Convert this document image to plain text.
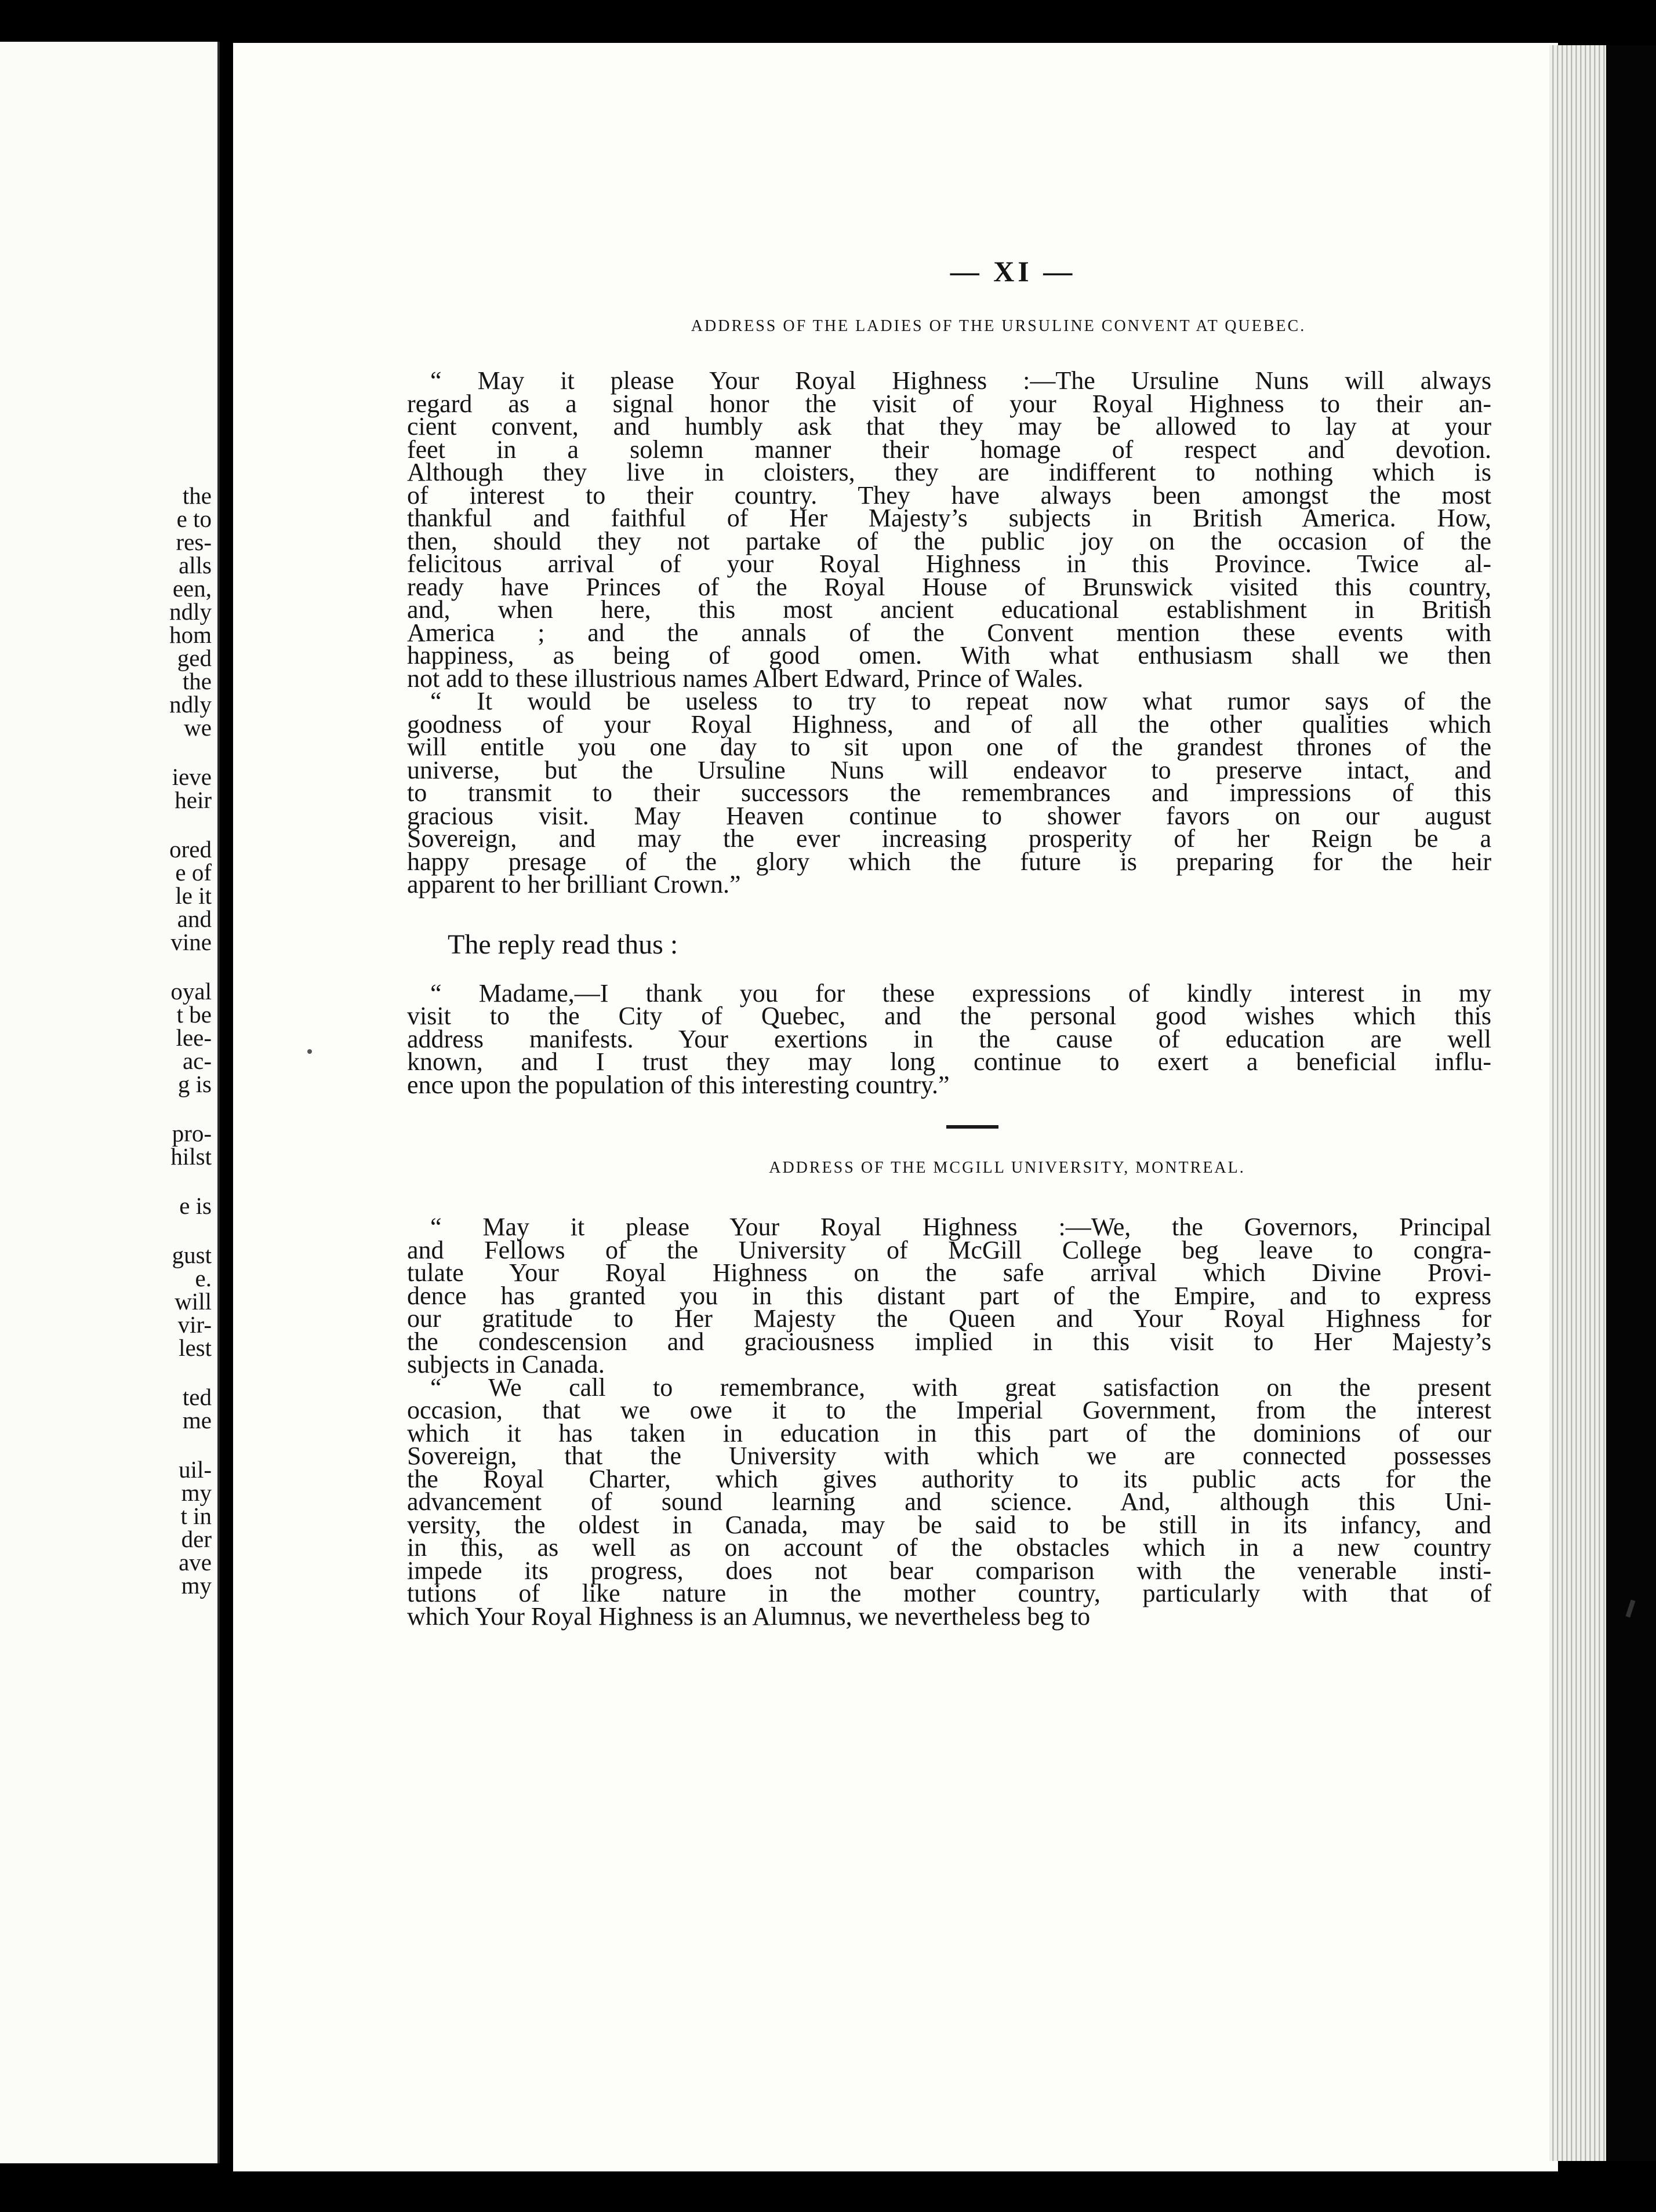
the
e to
res-
alls
een,
ndly
hom
ged
the
ndly
we
ieve
heir
ored
e of
le it
and
vine
oyal
t be
lee-
ac-
g is
pro-
hilst
e is
gust
e.
will
vir-
lest
ted
me
uil-
my
t in
der
ave
my
— XI —
ADDRESS OF THE LADIES OF THE URSULINE CONVENT AT QUEBEC.

“ May it please Your Royal Highness :—The Ursuline Nuns will always

regard as a signal honor the visit of your Royal Highness to their an-

cient convent, and humbly ask that they may be allowed to lay at your

feet in a solemn manner their homage of respect and devotion.

Although they live in cloisters, they are indifferent to nothing which is

of interest to their country. They have always been amongst the most

thankful and faithful of Her Majesty’s subjects in British America. How,

then, should they not partake of the public joy on the occasion of the

felicitous arrival of your Royal Highness in this Province. Twice al-

ready have Princes of the Royal House of Brunswick visited this country,

and, when here, this most ancient educational establishment in British

America ; and the annals of the Convent mention these events with

happiness, as being of good omen. With what enthusiasm shall we then

not add to these illustrious names Albert Edward, Prince of Wales.

“ It would be useless to try to repeat now what rumor says of the

goodness of your Royal Highness, and of all the other qualities which

will entitle you one day to sit upon one of the grandest thrones of the

universe, but the Ursuline Nuns will endeavor to preserve intact, and

to transmit to their successors the remembrances and impressions of this

gracious visit. May Heaven continue to shower favors on our august

Sovereign, and may the ever increasing prosperity of her Reign be a

happy presage of the glory which the future is preparing for the heir

apparent to her brilliant Crown.”

The reply read thus :

“ Madame,—I thank you for these expressions of kindly interest in my

visit to the City of Quebec, and the personal good wishes which this

address manifests. Your exertions in the cause of education are well

known, and I trust they may long continue to exert a beneficial influ-

ence upon the population of this interesting country.”

ADDRESS OF THE MCGILL UNIVERSITY, MONTREAL.

“ May it please Your Royal Highness :—We, the Governors, Principal

and Fellows of the University of McGill College beg leave to congra-

tulate Your Royal Highness on the safe arrival which Divine Provi-

dence has granted you in this distant part of the Empire, and to express

our gratitude to Her Majesty the Queen and Your Royal Highness for

the condescension and graciousness implied in this visit to Her Majesty’s

subjects in Canada.

“ We call to remembrance, with great satisfaction on the present

occasion, that we owe it to the Imperial Government, from the interest

which it has taken in education in this part of the dominions of our

Sovereign, that the University with which we are connected possesses

the Royal Charter, which gives authority to its public acts for the

advancement of sound learning and science. And, although this Uni-

versity, the oldest in Canada, may be said to be still in its infancy, and

in this, as well as on account of the obstacles which in a new country

impede its progress, does not bear comparison with the venerable insti-

tutions of like nature in the mother country, particularly with that of

which Your Royal Highness is an Alumnus, we nevertheless beg to
